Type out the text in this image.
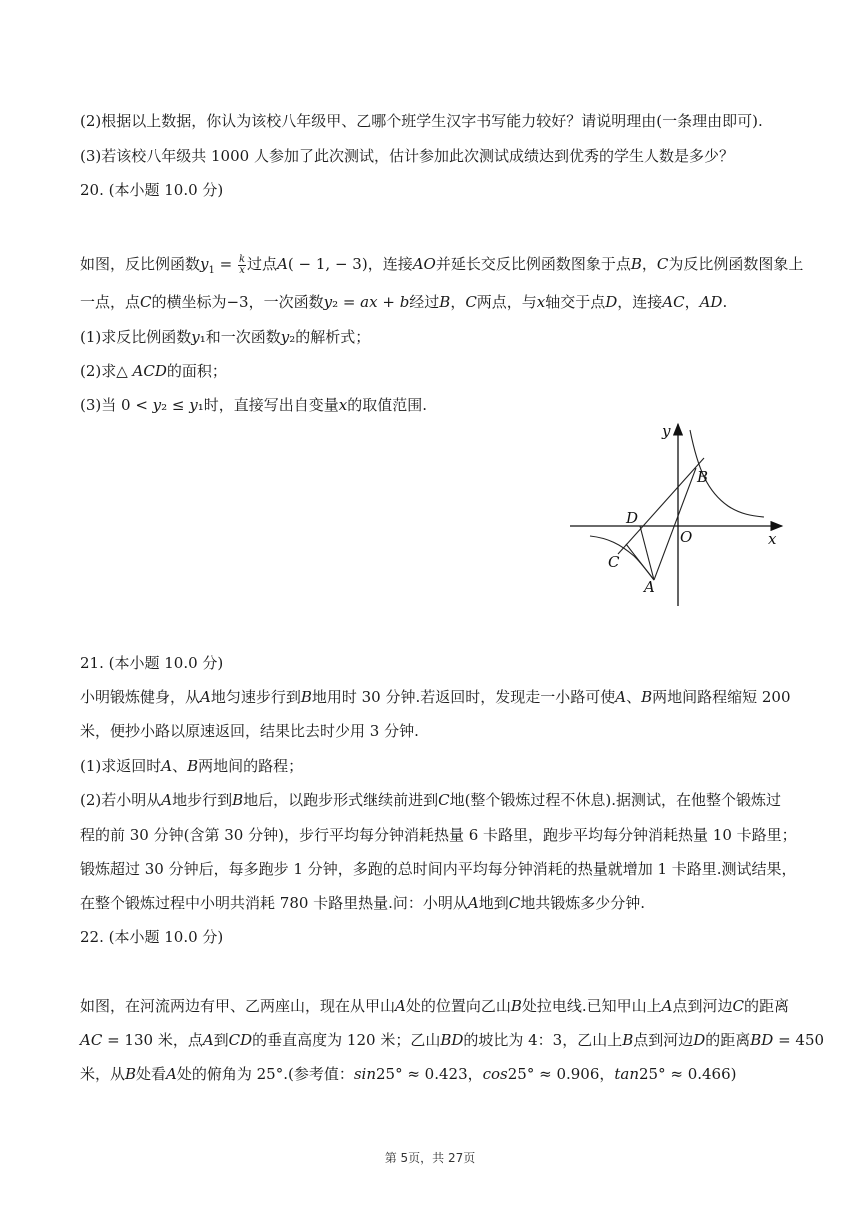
(2)根据以上数据，你认为该校八年级甲、乙哪个班学生汉字书写能力较好？请说明理由(一条理由即可).
(3)若该校八年级共 1000 人参加了此次测试，估计参加此次测试成绩达到优秀的学生人数是多少？
20. (本小题 10.0 分)
如图，反比例函数$y_1 = \frac{k}{x}$ 过点A( − 1, − 3)，连接AO并延长交反比例函数图象于点B，C为反比例函数图象上
一点，点𝐶的横坐标为−3，一次函数𝑦₂ = 𝑎𝑥 + 𝑏经过𝐵，𝐶两点，与𝑥轴交于点𝐷，连接𝐴𝐶，𝐴𝐷.
(1)求反比例函数𝑦₁和一次函数𝑦₂的解析式；
(2)求△ 𝐴𝐶𝐷的面积；
(3)当 0 < 𝑦₂ ≤ 𝑦₁时，直接写出自变量𝑥的取值范围.
y
x
B
D
O
C
A
21. (本小题 10.0 分)
小明锻炼健身，从𝐴地匀速步行到𝐵地用时 30 分钟.若返回时，发现走一小路可使𝐴、𝐵两地间路程缩短 200
米，便抄小路以原速返回，结果比去时少用 3 分钟.
(1)求返回时𝐴、𝐵两地间的路程；
(2)若小明从𝐴地步行到𝐵地后，以跑步形式继续前进到𝐶地(整个锻炼过程不休息).据测试，在他整个锻炼过
程的前 30 分钟(含第 30 分钟)，步行平均每分钟消耗热量 6 卡路里，跑步平均每分钟消耗热量 10 卡路里；
锻炼超过 30 分钟后，每多跑步 1 分钟，多跑的总时间内平均每分钟消耗的热量就增加 1 卡路里.测试结果，
在整个锻炼过程中小明共消耗 780 卡路里热量.问：小明从𝐴地到𝐶地共锻炼多少分钟.
22. (本小题 10.0 分)
如图，在河流两边有甲、乙两座山，现在从甲山𝐴处的位置向乙山𝐵处拉电线.已知甲山上𝐴点到河边𝐶的距离
𝐴𝐶 = 130 米，点𝐴到𝐶𝐷的垂直高度为 120 米；乙山𝐵𝐷的坡比为 4：3，乙山上𝐵点到河边𝐷的距离𝐵𝐷 = 450
米，从𝐵处看𝐴处的俯角为 25°.(参考值：𝑠𝑖𝑛25° ≈ 0.423，𝑐𝑜𝑠25° ≈ 0.906，𝑡𝑎𝑛25° ≈ 0.466)
第 5页，共 27页
